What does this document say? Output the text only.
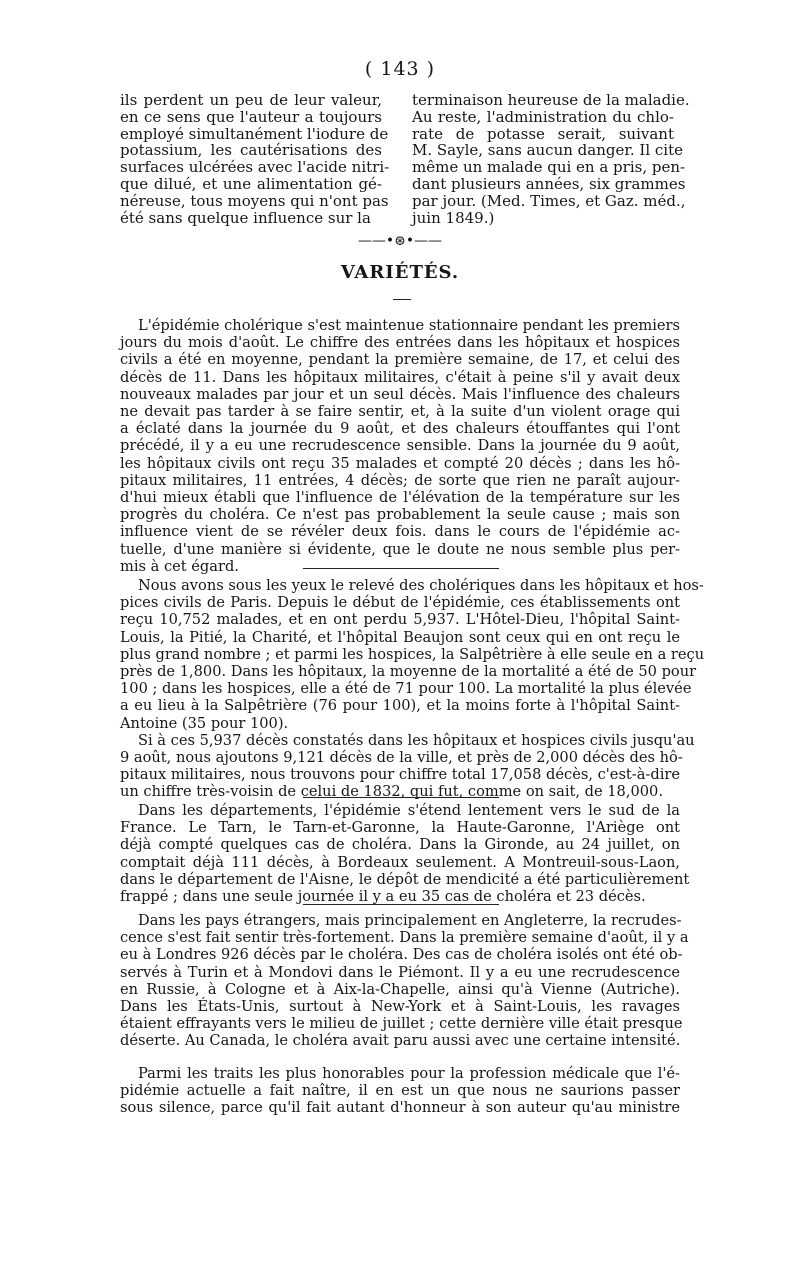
( 143 )
ils perdent un peu de leur valeur,
en ce sens que l'auteur a toujours
employé simultanément l'iodure de
potassium, les cautérisations des
surfaces ulcérées avec l'acide nitri-
que dilué, et une alimentation gé-
néreuse, tous moyens qui n'ont pas
été sans quelque influence sur la
terminaison heureuse de la maladie.
Au reste, l'administration du chlo-
rate de potasse serait, suivant
M. Sayle, sans aucun danger. Il cite
même un malade qui en a pris, pen-
dant plusieurs années, six grammes
par jour. (Med. Times, et Gaz. méd.,
juin 1849.)
——•⊛•——
VARIÉTÉS.
L'épidémie cholérique s'est maintenue stationnaire pendant les premiers
jours du mois d'août. Le chiffre des entrées dans les hôpitaux et hospices
civils a été en moyenne, pendant la première semaine, de 17, et celui des
décès de 11. Dans les hôpitaux militaires, c'était à peine s'il y avait deux
nouveaux malades par jour et un seul décès. Mais l'influence des chaleurs
ne devait pas tarder à se faire sentir, et, à la suite d'un violent orage qui
a éclaté dans la journée du 9 août, et des chaleurs étouffantes qui l'ont
précédé, il y a eu une recrudescence sensible. Dans la journée du 9 août,
les hôpitaux civils ont reçu 35 malades et compté 20 décès ; dans les hô-
pitaux militaires, 11 entrées, 4 décès; de sorte que rien ne paraît aujour-
d'hui mieux établi que l'influence de l'élévation de la température sur les
progrès du choléra. Ce n'est pas probablement la seule cause ; mais son
influence vient de se révéler deux fois. dans le cours de l'épidémie ac-
tuelle, d'une manière si évidente, que le doute ne nous semble plus per-
mis à cet égard.
Nous avons sous les yeux le relevé des cholériques dans les hôpitaux et hos-
pices civils de Paris. Depuis le début de l'épidémie, ces établissements ont
reçu 10,752 malades, et en ont perdu 5,937. L'Hôtel-Dieu, l'hôpital Saint-
Louis, la Pitié, la Charité, et l'hôpital Beaujon sont ceux qui en ont reçu le
plus grand nombre ; et parmi les hospices, la Salpêtrière à elle seule en a reçu
près de 1,800. Dans les hôpitaux, la moyenne de la mortalité a été de 50 pour
100 ; dans les hospices, elle a été de 71 pour 100. La mortalité la plus élevée
a eu lieu à la Salpêtrière (76 pour 100), et la moins forte à l'hôpital Saint-
Antoine (35 pour 100).
Si à ces 5,937 décès constatés dans les hôpitaux et hospices civils jusqu'au
9 août, nous ajoutons 9,121 décès de la ville, et près de 2,000 décès des hô-
pitaux militaires, nous trouvons pour chiffre total 17,058 décès, c'est-à-dire
un chiffre très-voisin de celui de 1832, qui fut, comme on sait, de 18,000.
Dans les départements, l'épidémie s'étend lentement vers le sud de la
France. Le Tarn, le Tarn-et-Garonne, la Haute-Garonne, l'Ariège ont
déjà compté quelques cas de choléra. Dans la Gironde, au 24 juillet, on
comptait déjà 111 décès, à Bordeaux seulement. A Montreuil-sous-Laon,
dans le département de l'Aisne, le dépôt de mendicité a été particulièrement
frappé ; dans une seule journée il y a eu 35 cas de choléra et 23 décès.
Dans les pays étrangers, mais principalement en Angleterre, la recrudes-
cence s'est fait sentir très-fortement. Dans la première semaine d'août, il y a
eu à Londres 926 décès par le choléra. Des cas de choléra isolés ont été ob-
servés à Turin et à Mondovi dans le Piémont. Il y a eu une recrudescence
en Russie, à Cologne et à Aix-la-Chapelle, ainsi qu'à Vienne (Autriche).
Dans les États-Unis, surtout à New-York et à Saint-Louis, les ravages
étaient effrayants vers le milieu de juillet ; cette dernière ville était presque
déserte. Au Canada, le choléra avait paru aussi avec une certaine intensité.
Parmi les traits les plus honorables pour la profession médicale que l'é-
pidémie actuelle a fait naître, il en est un que nous ne saurions passer
sous silence, parce qu'il fait autant d'honneur à son auteur qu'au ministre
